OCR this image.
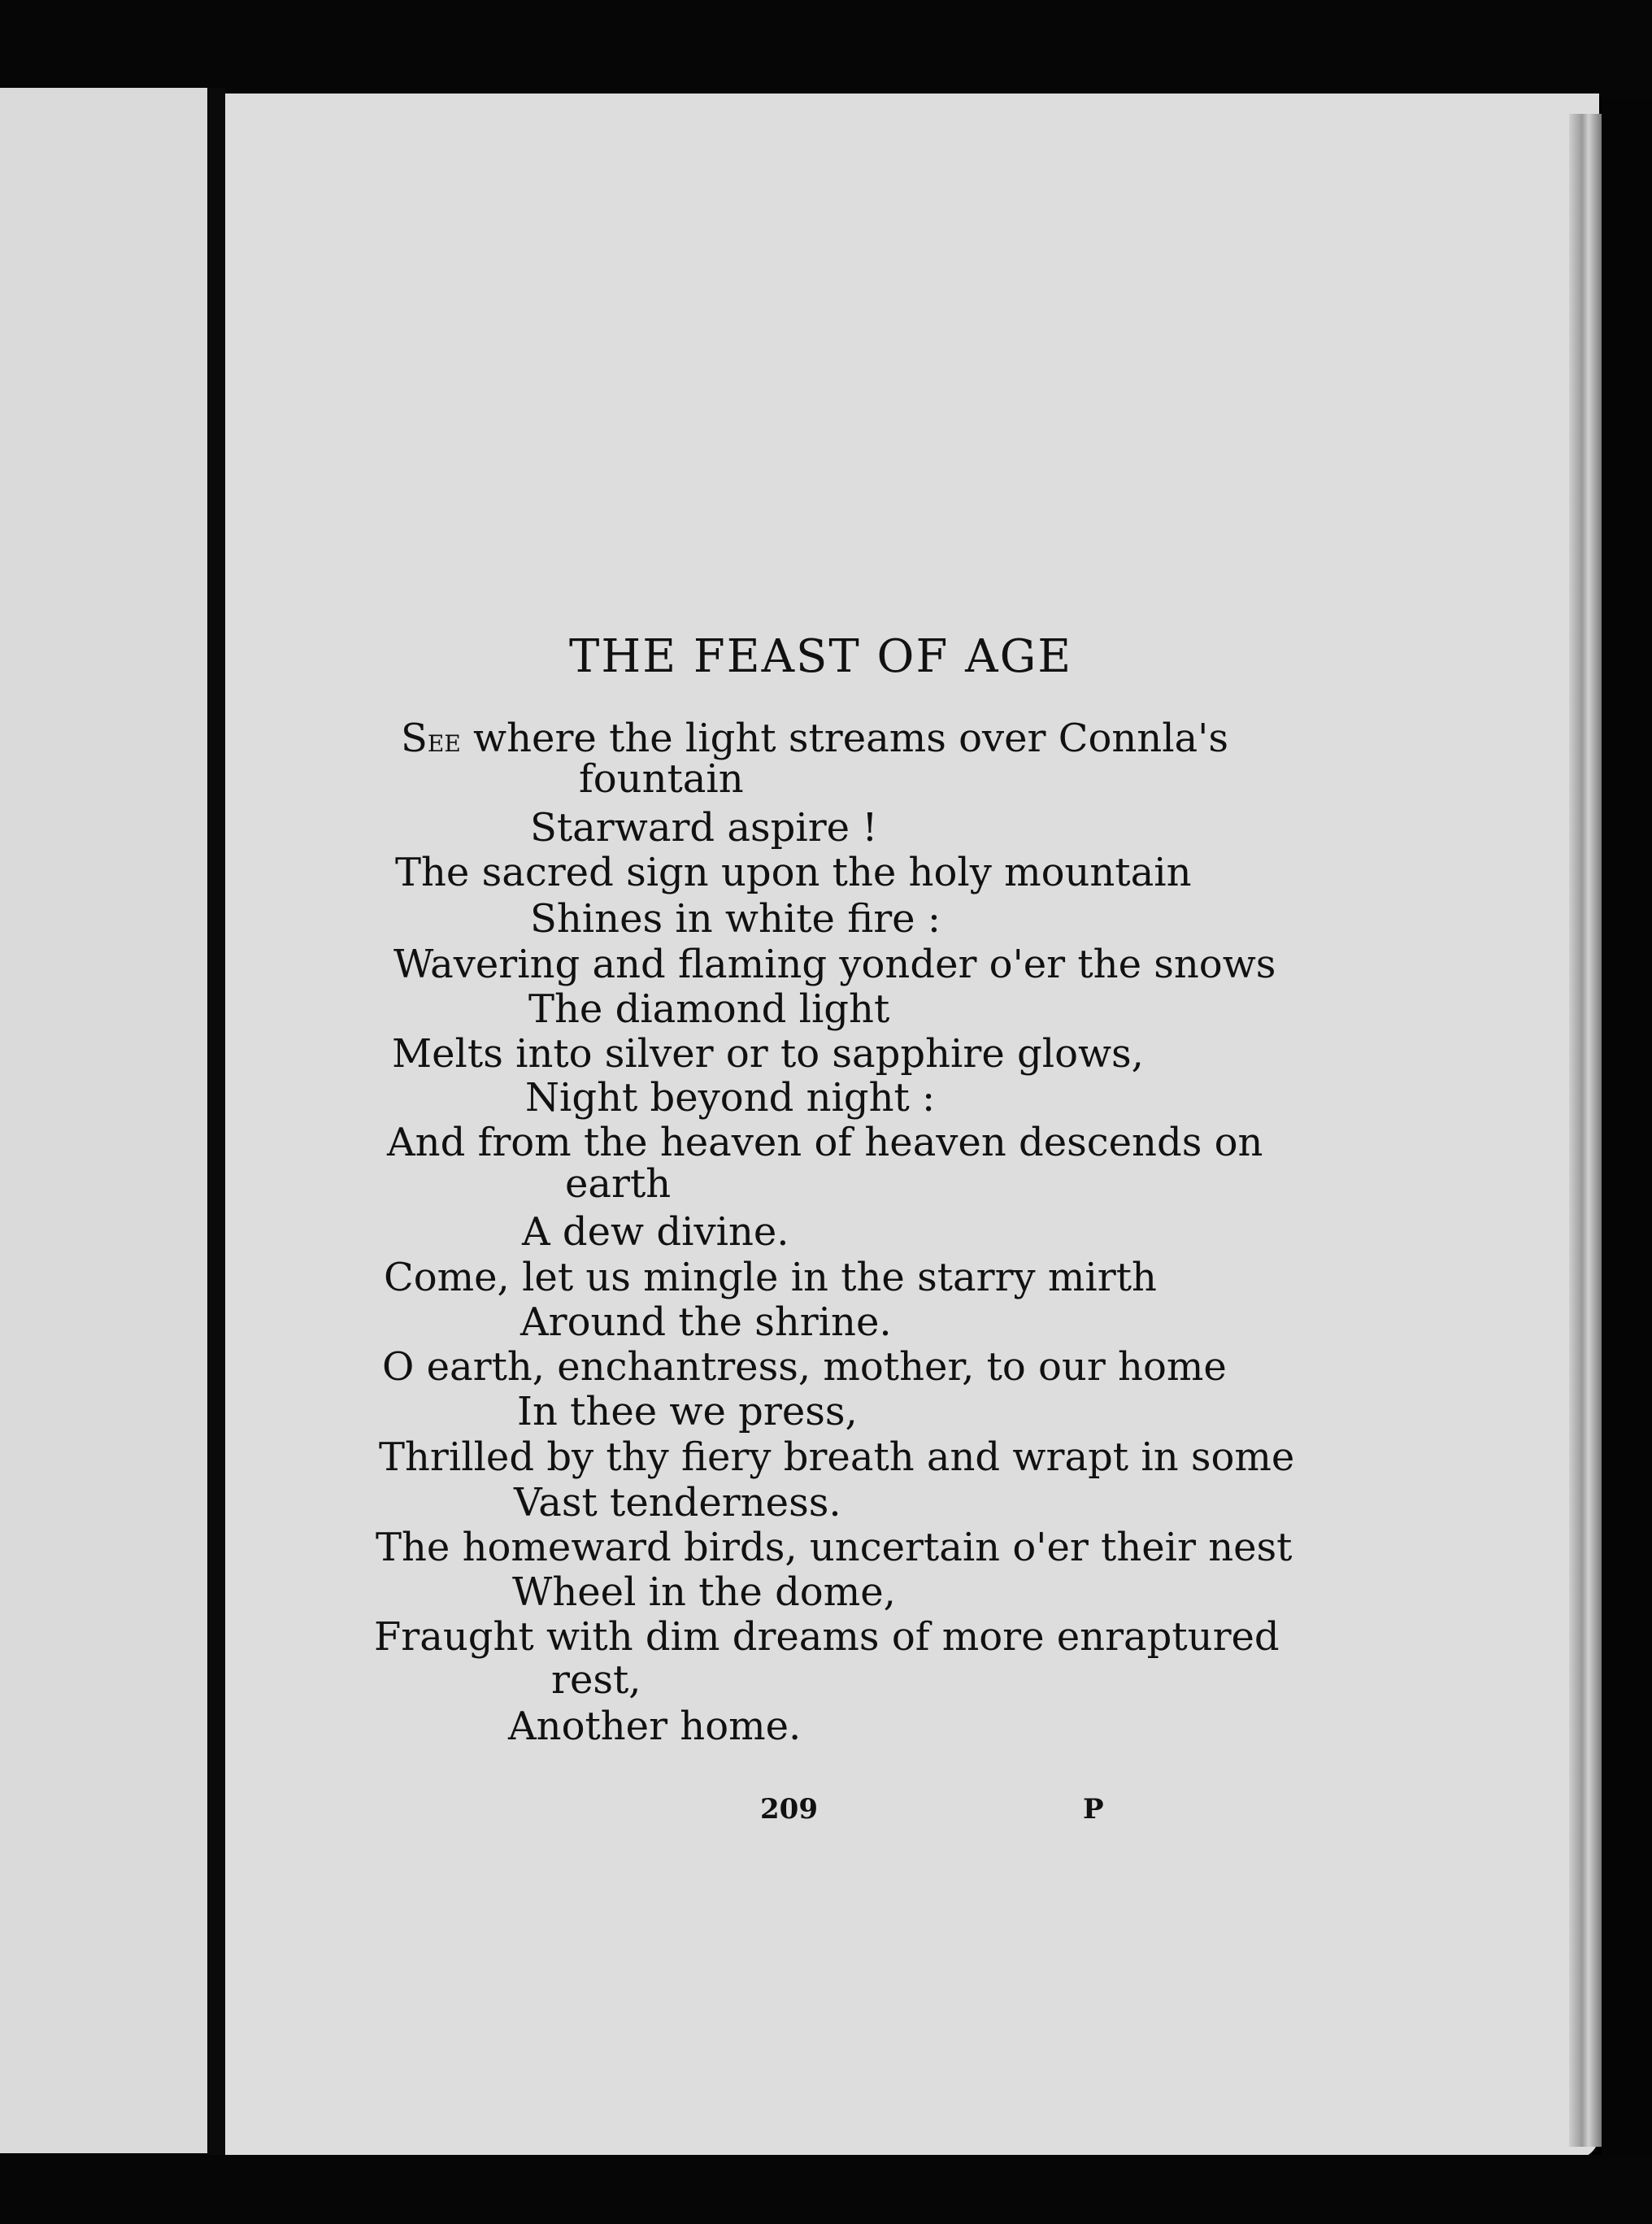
THE FEAST OF AGE
See where the light streams over Connla's
fountain
Starward aspire !
The sacred sign upon the holy mountain
Shines in white fire :
Wavering and flaming yonder o'er the snows
The diamond light
Melts into silver or to sapphire glows,
Night beyond night :
And from the heaven of heaven descends on
earth
A dew divine.
Come, let us mingle in the starry mirth
Around the shrine.
O earth, enchantress, mother, to our home
In thee we press,
Thrilled by thy fiery breath and wrapt in some
Vast tenderness.
The homeward birds, uncertain o'er their nest
Wheel in the dome,
Fraught with dim dreams of more enraptured
rest,
Another home.
209	P
